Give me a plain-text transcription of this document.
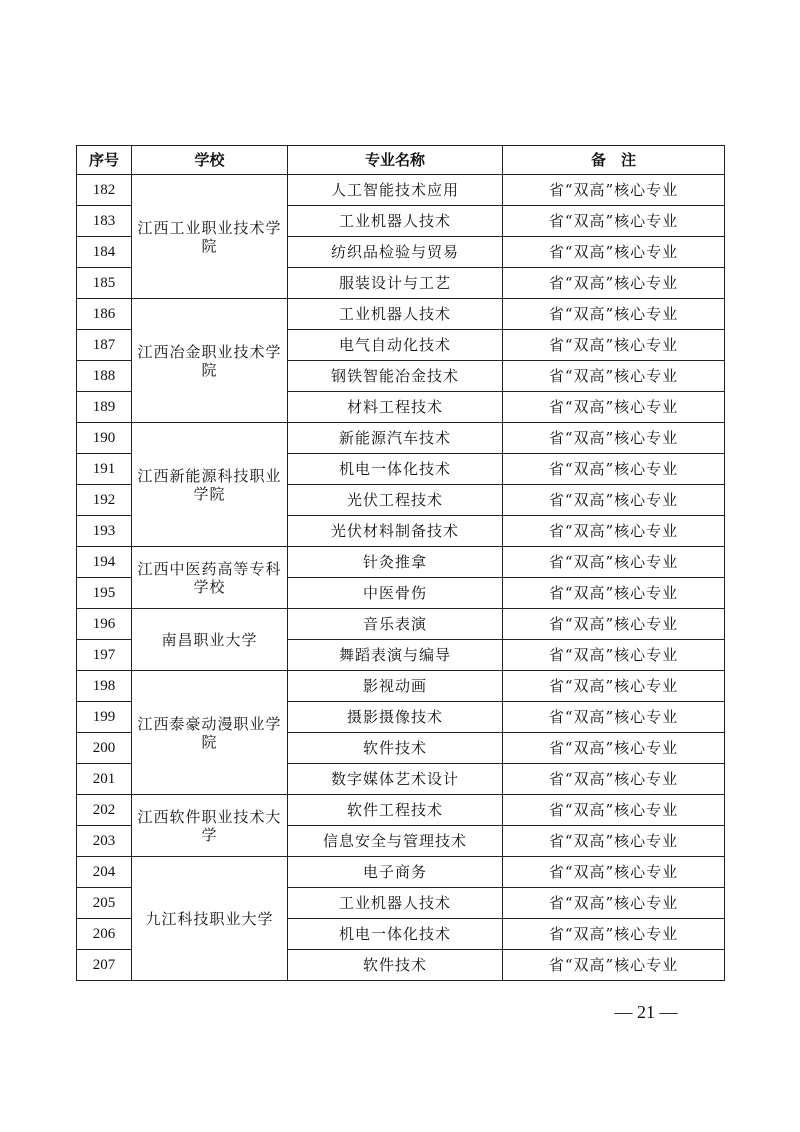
序号	学校	专业名称	备　注
182	江西工业职业技术学院	人工智能技术应用	省“双高”核心专业
183		工业机器人技术	省“双高”核心专业
184		纺织品检验与贸易	省“双高”核心专业
185		服装设计与工艺	省“双高”核心专业
186	江西冶金职业技术学院	工业机器人技术	省“双高”核心专业
187		电气自动化技术	省“双高”核心专业
188		钢铁智能冶金技术	省“双高”核心专业
189		材料工程技术	省“双高”核心专业
190	江西新能源科技职业学院	新能源汽车技术	省“双高”核心专业
191		机电一体化技术	省“双高”核心专业
192		光伏工程技术	省“双高”核心专业
193		光伏材料制备技术	省“双高”核心专业
194	江西中医药高等专科学校	针灸推拿	省“双高”核心专业
195		中医骨伤	省“双高”核心专业
196	南昌职业大学	音乐表演	省“双高”核心专业
197		舞蹈表演与编导	省“双高”核心专业
198	江西泰豪动漫职业学院	影视动画	省“双高”核心专业
199		摄影摄像技术	省“双高”核心专业
200		软件技术	省“双高”核心专业
201		数字媒体艺术设计	省“双高”核心专业
202	江西软件职业技术大学	软件工程技术	省“双高”核心专业
203		信息安全与管理技术	省“双高”核心专业
204	九江科技职业大学	电子商务	省“双高”核心专业
205		工业机器人技术	省“双高”核心专业
206		机电一体化技术	省“双高”核心专业
207		软件技术	省“双高”核心专业
— 21 —
